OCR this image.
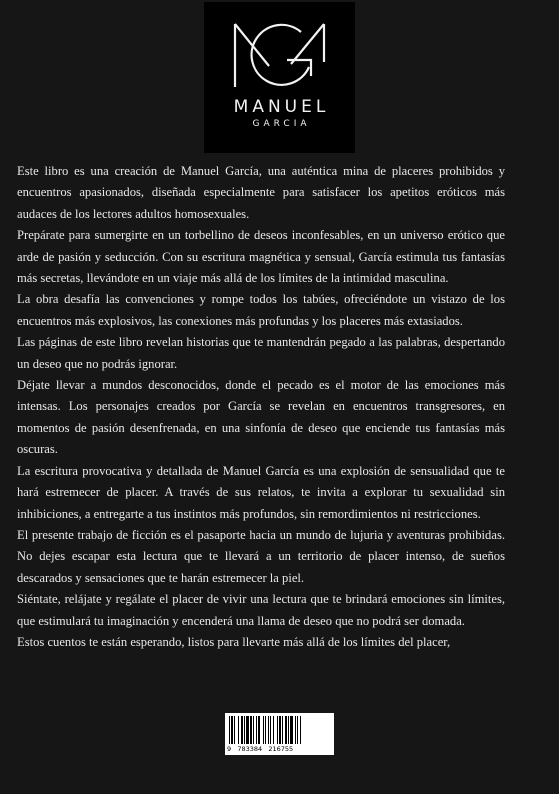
MANUEL
GARCIA

Este libro es una creación de Manuel García, una auténtica mina de placeres prohibidos y encuentros apasionados, diseñada especialmente para satisfacer los apetitos eróticos más audaces de los lectores adultos homosexuales.

Prepárate para sumergirte en un torbellino de deseos inconfesables, en un universo erótico que arde de pasión y seducción. Con su escritura magnética y sensual, García estimula tus fantasías más secretas, llevándote en un viaje más allá de los límites de la intimidad masculina.

La obra desafía las convenciones y rompe todos los tabúes, ofreciéndote un vistazo de los encuentros más explosivos, las conexiones más profundas y los placeres más extasiados.

Las páginas de este libro revelan historias que te mantendrán pegado a las palabras, despertando un deseo que no podrás ignorar.

Déjate llevar a mundos desconocidos, donde el pecado es el motor de las emociones más intensas. Los personajes creados por García se revelan en encuentros transgresores, en momentos de pasión desenfrenada, en una sinfonía de deseo que enciende tus fantasías más oscuras.

La escritura provocativa y detallada de Manuel García es una explosión de sensualidad que te hará estremecer de placer. A través de sus relatos, te invita a explorar tu sexualidad sin inhibiciones, a entregarte a tus instintos más profundos, sin remordimientos ni restricciones.

El presente trabajo de ficción es el pasaporte hacia un mundo de lujuria y aventuras prohibidas. No dejes escapar esta lectura que te llevará a un territorio de placer intenso, de sueños descarados y sensaciones que te harán estremecer la piel.

Siéntate, relájate y regálate el placer de vivir una lectura que te brindará emociones sin límites, que estimulará tu imaginación y encenderá una llama de deseo que no podrá ser domada.

Estos cuentos te están esperando, listos para llevarte más allá de los límites del placer,

9   783384   216755
